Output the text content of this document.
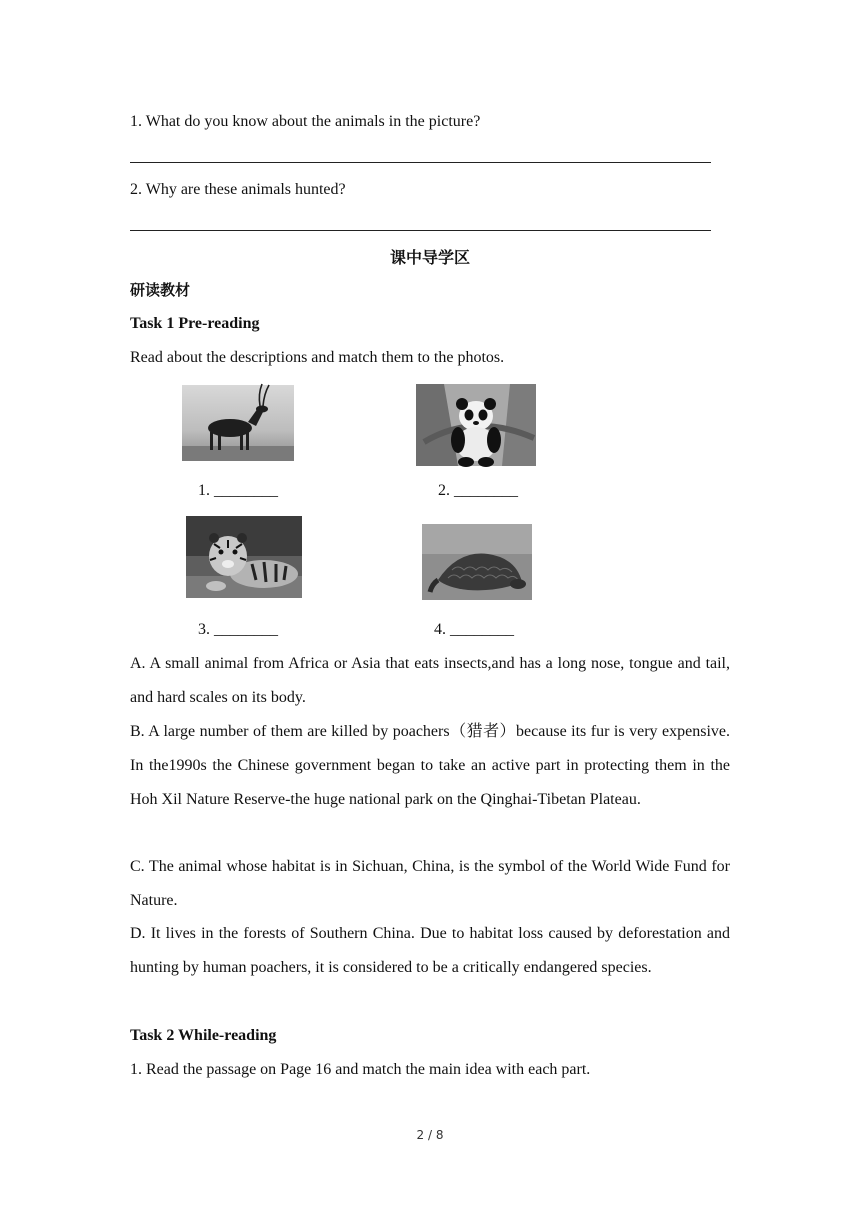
1. What do you know about the animals in the picture?
2. Why are these animals hunted?
课中导学区
研读教材
Task 1 Pre-reading
Read about the descriptions and match them to the photos.
1. ________	2. ________
3. ________	4. ________
A. A small animal from Africa or Asia that eats insects,and has a long nose, tongue and tail, and hard scales on its body.
B. A large number of them are killed by poachers（猎者）because its fur is very expensive. In the1990s the Chinese government began to take an active part in protecting them in the Hoh Xil Nature Reserve-the huge national park on the Qinghai-Tibetan Plateau.
C. The animal whose habitat is in Sichuan, China, is the symbol of the World Wide Fund for Nature.
D. It lives in the forests of Southern China. Due to habitat loss caused by deforestation and hunting by human poachers, it is considered to be a critically endangered species.
Task 2 While-reading
1. Read the passage on Page 16 and match the main idea with each part.
2 / 8
